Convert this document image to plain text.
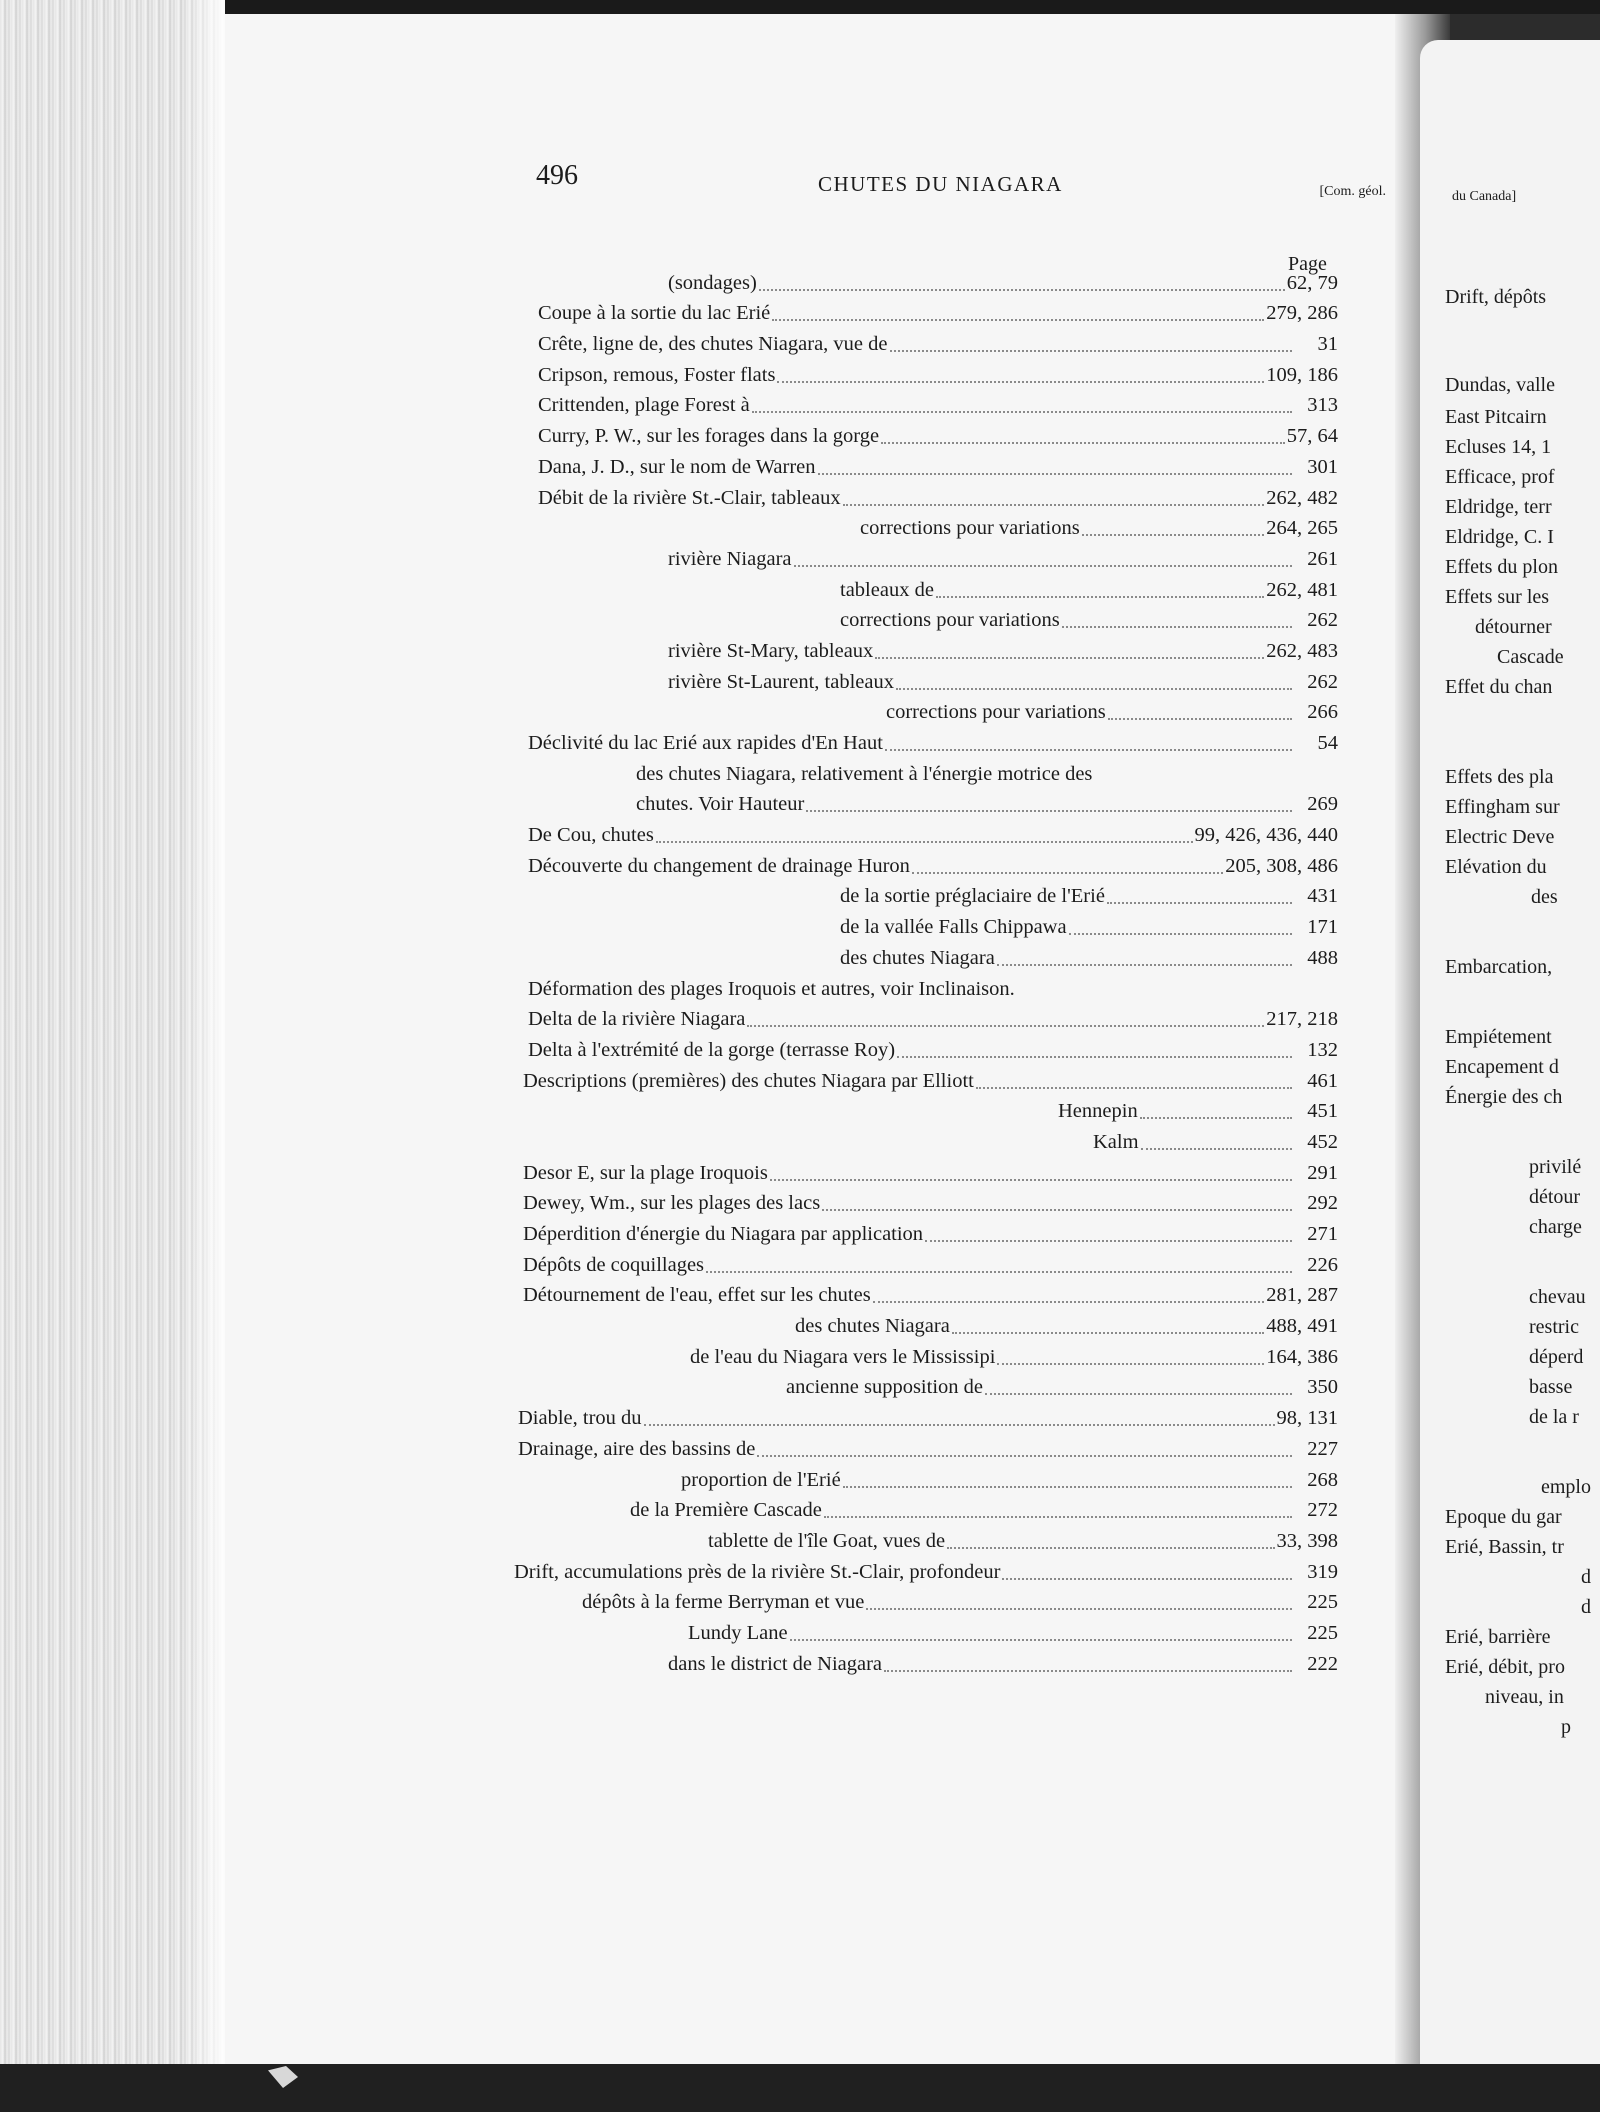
du Canada]
Drift, dépôts
Dundas, valle
East Pitcairn
Ecluses 14, 1
Efficace, prof
Eldridge, terr
Eldridge, C. I
Effets du plon
Effets sur les
détourner
Cascade
Effet du chan
Effets des pla
Effingham sur
Electric Deve
Elévation du
des
Embarcation,
Empiétement
Encapement d
Énergie des ch
privilé
détour
charge
chevau
restric
déperd
basse
de la r
emplo
Epoque du gar
Erié, Bassin, tr
d
d
Erié, barrière
Erié, débit, pro
niveau, in
p
496	CHUTES DU NIAGARA	[Com. géol.
Page
(sondages)	62, 79
Coupe à la sortie du lac Erié	279, 286
Crête, ligne de, des chutes Niagara, vue de	31
Cripson, remous, Foster flats	109, 186
Crittenden, plage Forest à	313
Curry, P. W., sur les forages dans la gorge	57, 64
Dana, J. D., sur le nom de Warren	301
Débit de la rivière St.-Clair, tableaux	262, 482
corrections pour variations	264, 265
rivière Niagara	261
tableaux de	262, 481
corrections pour variations	262
rivière St-Mary, tableaux	262, 483
rivière St-Laurent, tableaux	262
corrections pour variations	266
Déclivité du lac Erié aux rapides d'En Haut	54
des chutes Niagara, relativement à l'énergie motrice des
chutes. Voir Hauteur	269
De Cou, chutes	99, 426, 436, 440
Découverte du changement de drainage Huron	205, 308, 486
de la sortie préglaciaire de l'Erié	431
de la vallée Falls Chippawa	171
des chutes Niagara	488
Déformation des plages Iroquois et autres, voir Inclinaison.
Delta de la rivière Niagara	217, 218
Delta à l'extrémité de la gorge (terrasse Roy)	132
Descriptions (premières) des chutes Niagara par Elliott	461
Hennepin	451
Kalm	452
Desor E, sur la plage Iroquois	291
Dewey, Wm., sur les plages des lacs	292
Déperdition d'énergie du Niagara par application	271
Dépôts de coquillages	226
Détournement de l'eau, effet sur les chutes	281, 287
des chutes Niagara	488, 491
de l'eau du Niagara vers le Mississipi	164, 386
ancienne supposition de	350
Diable, trou du	98, 131
Drainage, aire des bassins de	227
proportion de l'Erié	268
de la Première Cascade	272
tablette de l'île Goat, vues de	33, 398
Drift, accumulations près de la rivière St.-Clair, profondeur	319
dépôts à la ferme Berryman et vue	225
Lundy Lane	225
dans le district de Niagara	222
